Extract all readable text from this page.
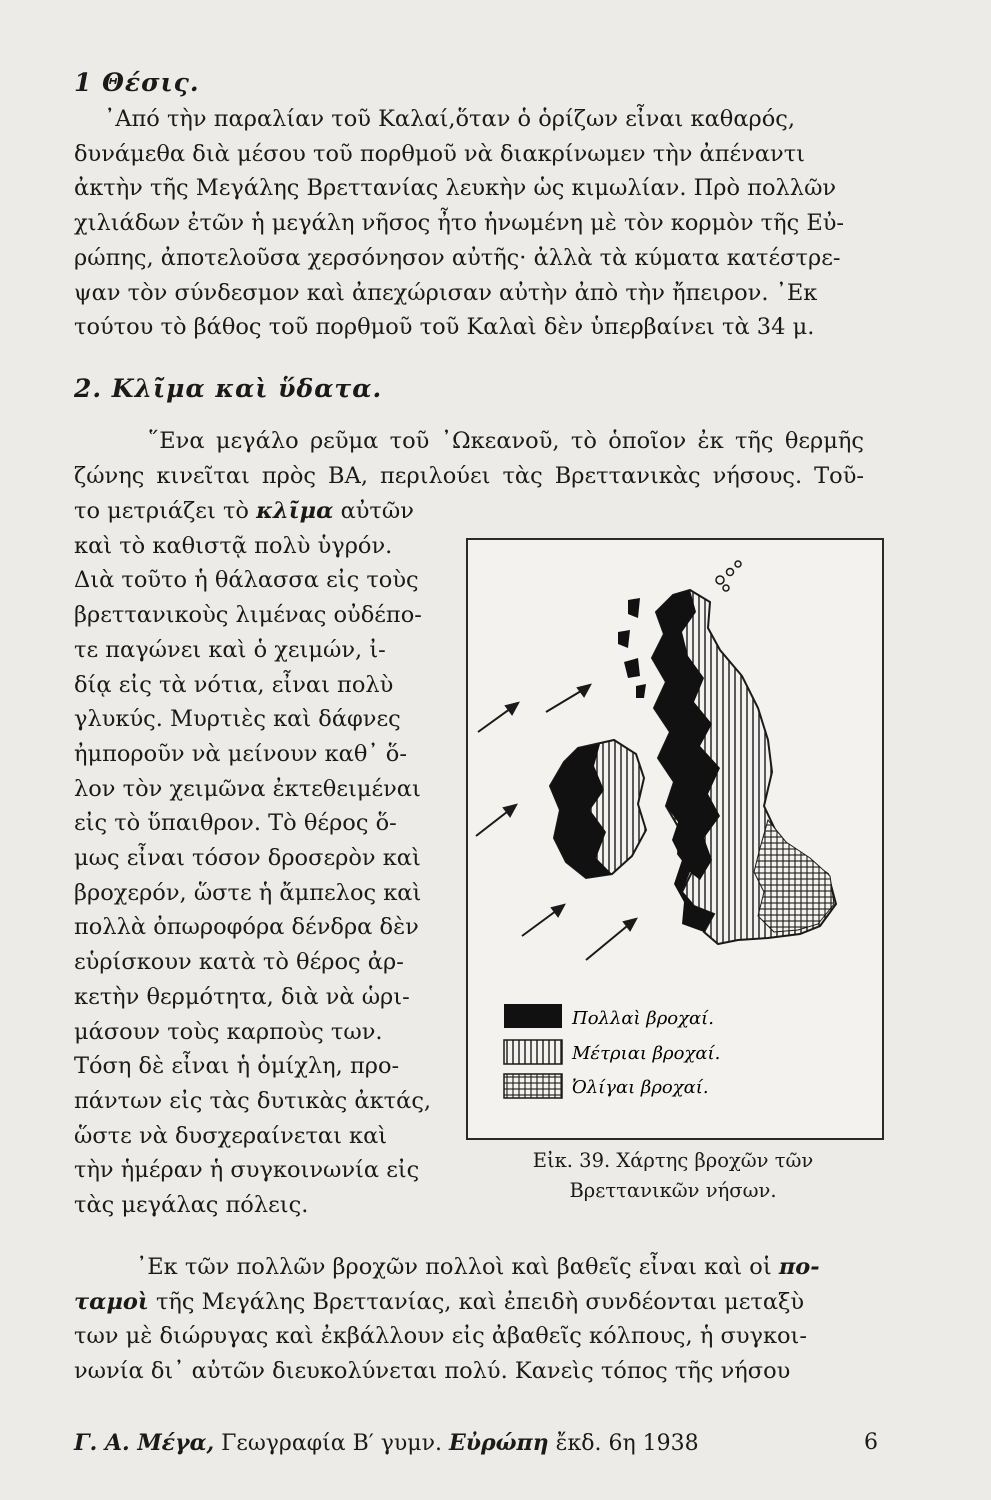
1 Θέσις.
᾿Από τὴν παραλίαν τοῦ Καλαί,ὅταν ὁ ὁρίζων εἶναι καθαρός,
δυνάμεθα διὰ μέσου τοῦ πορθμοῦ νὰ διακρίνωμεν τὴν ἀπέναντι
ἀκτὴν τῆς Μεγάλης Βρεττανίας λευκὴν ὡς κιμωλίαν. Πρὸ πολλῶν
χιλιάδων ἐτῶν ἡ μεγάλη νῆσος ἦτο ἡνωμένη μὲ τὸν κορμὸν τῆς Εὐ-
ρώπης, ἀποτελοῦσα χερσόνησον αὐτῆς· ἀλλὰ τὰ κύματα κατέστρε-
ψαν τὸν σύνδεσμον καὶ ἀπεχώρισαν αὐτὴν ἀπὸ τὴν ἤπειρον. ᾿Εκ
τούτου τὸ βάθος τοῦ πορθμοῦ τοῦ Καλαὶ δὲν ὑπερβαίνει τὰ 34 μ.
2. Κλῖμα καὶ ὕδατα.
῞Ενα μεγάλο ρεῦμα τοῦ ᾿Ωκεανοῦ, τὸ ὁποῖον ἐκ τῆς θερμῆς
ζώνης κινεῖται πρὸς ΒΑ, περιλούει τὰς Βρεττανικὰς νήσους. Τοῦ-
το μετριάζει τὸ κλῖμα αὐτῶν
καὶ τὸ καθιστᾷ πολὺ ὑγρόν.
Διὰ τοῦτο ἡ θάλασσα εἰς τοὺς
βρεττανικοὺς λιμένας οὐδέπο-
τε παγώνει καὶ ὁ χειμών, ἰ-
δίᾳ εἰς τὰ νότια, εἶναι πολὺ
γλυκύς. Μυρτιὲς καὶ δάφνες
ἠμποροῦν νὰ μείνουν καθ᾿ ὅ-
λον τὸν χειμῶνα ἐκτεθειμέναι
εἰς τὸ ὕπαιθρον. Τὸ θέρος ὅ-
μως εἶναι τόσον δροσερὸν καὶ
βροχερόν, ὥστε ἡ ἄμπελος καὶ
πολλὰ ὀπωροφόρα δένδρα δὲν
εὑρίσκουν κατὰ τὸ θέρος ἀρ-
κετὴν θερμότητα, διὰ νὰ ὡρι-
μάσουν τοὺς καρποὺς των.
Τόση δὲ εἶναι ἡ ὁμίχλη, προ-
πάντων εἰς τὰς δυτικὰς ἀκτάς,
ὥστε νὰ δυσχεραίνεται καὶ
τὴν ἡμέραν ἡ συγκοινωνία εἰς
τὰς μεγάλας πόλεις.
᾿Εκ τῶν πολλῶν βροχῶν πολλοὶ καὶ βαθεῖς εἶναι καὶ οἱ πο-
ταμοὶ τῆς Μεγάλης Βρεττανίας, καὶ ἐπειδὴ συνδέονται μεταξὺ
των μὲ διώρυγας καὶ ἐκβάλλουν εἰς ἀβαθεῖς κόλπους, ἡ συγκοι-
νωνία δι᾿ αὐτῶν διευκολύνεται πολύ. Κανεὶς τόπος τῆς νήσου
Πολλαὶ βροχαί.
Μέτριαι βροχαί.
Ὀλίγαι βροχαί.
Εἰκ. 39. Χάρτης βροχῶν τῶν
Βρεττανικῶν νήσων.
Γ. Α. Μέγα, Γεωγραφία Β′ γυμν. Εὐρώπη ἔκδ. 6η 1938	6
